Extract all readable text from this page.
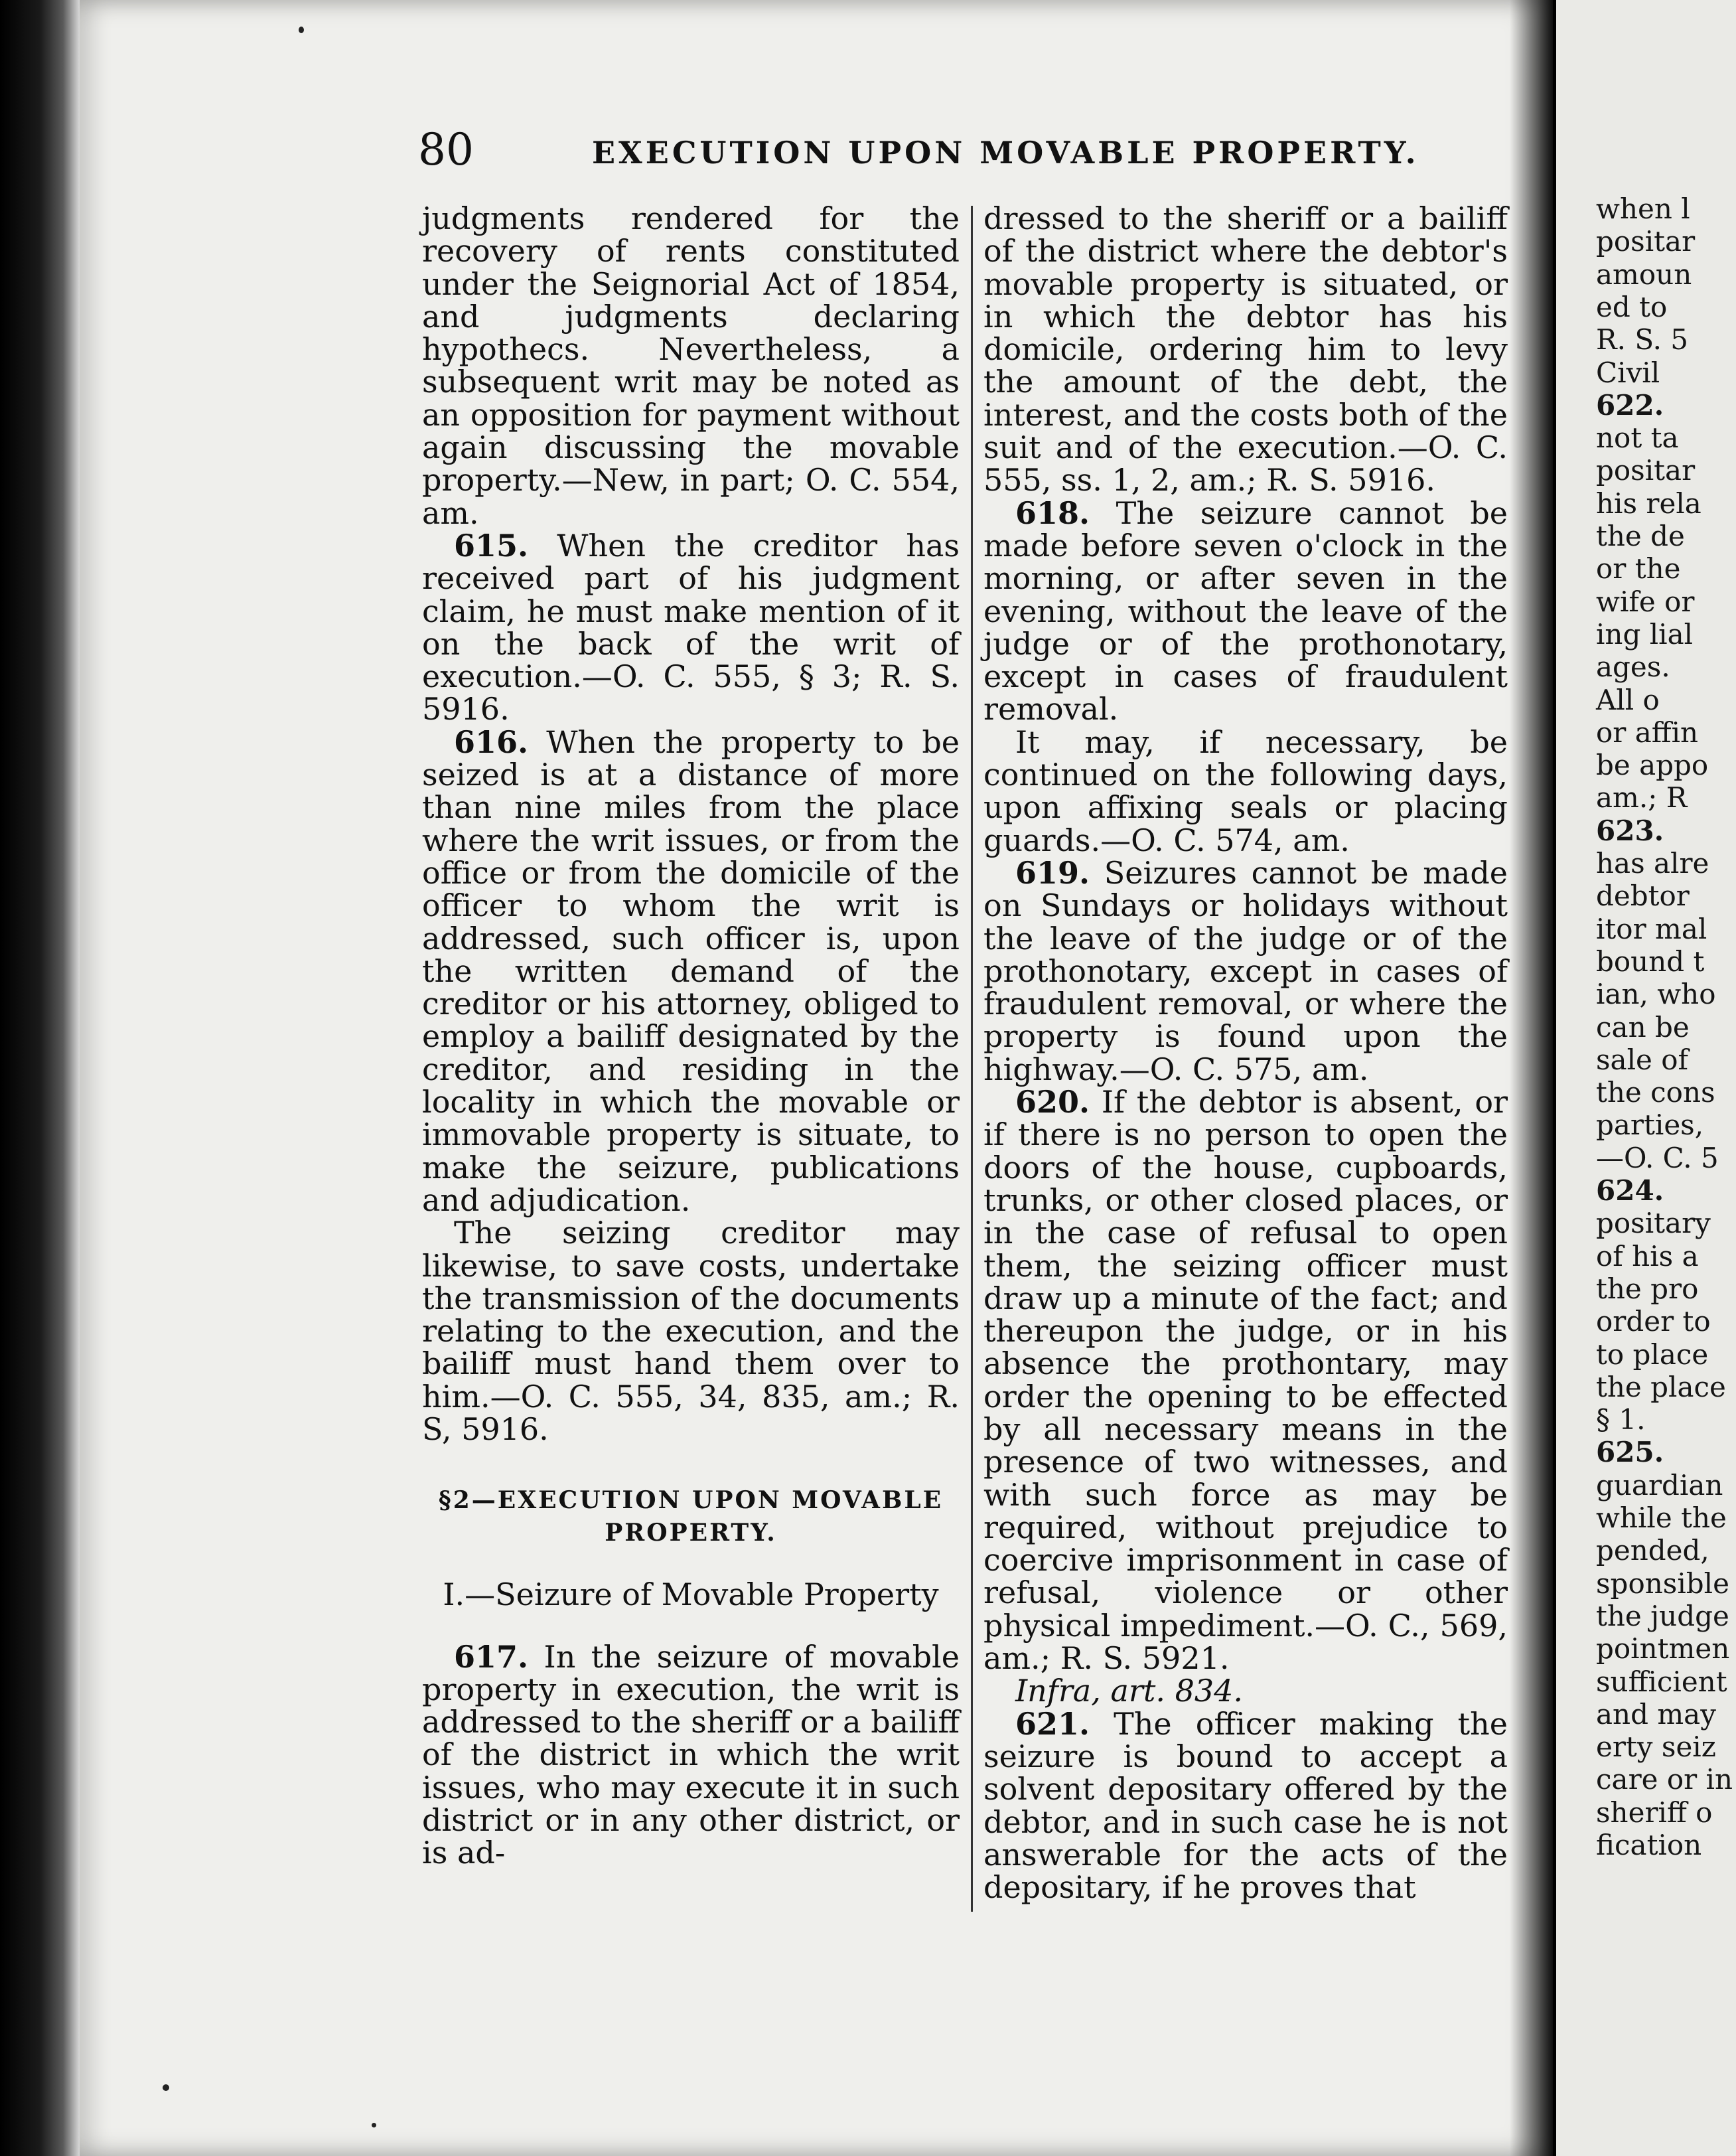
80	EXECUTION UPON MOVABLE PROPERTY.

judgments rendered for the recovery of rents constituted under the Seignorial Act of 1854, and judgments declaring hypothecs. Nevertheless, a subsequent writ may be noted as an opposition for payment without again discussing the movable property.—New, in part; O. C. 554, am.

615. When the creditor has received part of his judgment claim, he must make mention of it on the back of the writ of execution.—O. C. 555, § 3; R. S. 5916.

616. When the property to be seized is at a distance of more than nine miles from the place where the writ issues, or from the office or from the domicile of the officer to whom the writ is addressed, such officer is, upon the written demand of the creditor or his attorney, obliged to employ a bailiff designated by the creditor, and residing in the locality in which the movable or immovable property is situate, to make the seizure, publications and adjudication.

The seizing creditor may likewise, to save costs, undertake the transmission of the documents relating to the execution, and the bailiff must hand them over to him.—O. C. 555, 34, 835, am.; R. S, 5916.

§2—EXECUTION UPON MOVABLE PROPERTY.

I.—Seizure of Movable Property

617. In the seizure of movable property in execution, the writ is addressed to the sheriff or a bailiff of the district in which the writ issues, who may execute it in such district or in any other district, or is ad-

dressed to the sheriff or a bailiff of the district where the debtor's movable property is situated, or in which the debtor has his domicile, ordering him to levy the amount of the debt, the interest, and the costs both of the suit and of the execution.—O. C. 555, ss. 1, 2, am.; R. S. 5916.

618. The seizure cannot be made before seven o'clock in the morning, or after seven in the evening, without the leave of the judge or of the prothonotary, except in cases of fraudulent removal.

It may, if necessary, be continued on the following days, upon affixing seals or placing guards.—O. C. 574, am.

619. Seizures cannot be made on Sundays or holidays without the leave of the judge or of the prothonotary, except in cases of fraudulent removal, or where the property is found upon the highway.—O. C. 575, am.

620. If the debtor is absent, or if there is no person to open the doors of the house, cupboards, trunks, or other closed places, or in the case of refusal to open them, the seizing officer must draw up a minute of the fact; and thereupon the judge, or in his absence the prothontary, may order the opening to be effected by all necessary means in the presence of two witnesses, and with such force as may be required, without prejudice to coercive imprisonment in case of refusal, violence or other physical impediment.—O. C., 569, am.; R. S. 5921.

Infra, art. 834.

621. The officer making the seizure is bound to accept a solvent depositary offered by the debtor, and in such case he is not answerable for the acts of the depositary, if he proves that

when l
positar
amoun
ed to
R. S. 5
Civil
622.
not ta
positar
his rela
the de
or the
wife or
ing lial
ages.
All o
or affin
be appo
am.; R
623.
has alre
debtor
itor mal
bound t
ian, who
can be
sale of
the cons
parties,
—O. C. 5
624.
positary
of his a
the pro
order to
to place
the place
§ 1.
625.
guardian
while the
pended,
sponsible
the judge
pointmen
sufficient
and may
erty seiz
care or in
sheriff o
fication
